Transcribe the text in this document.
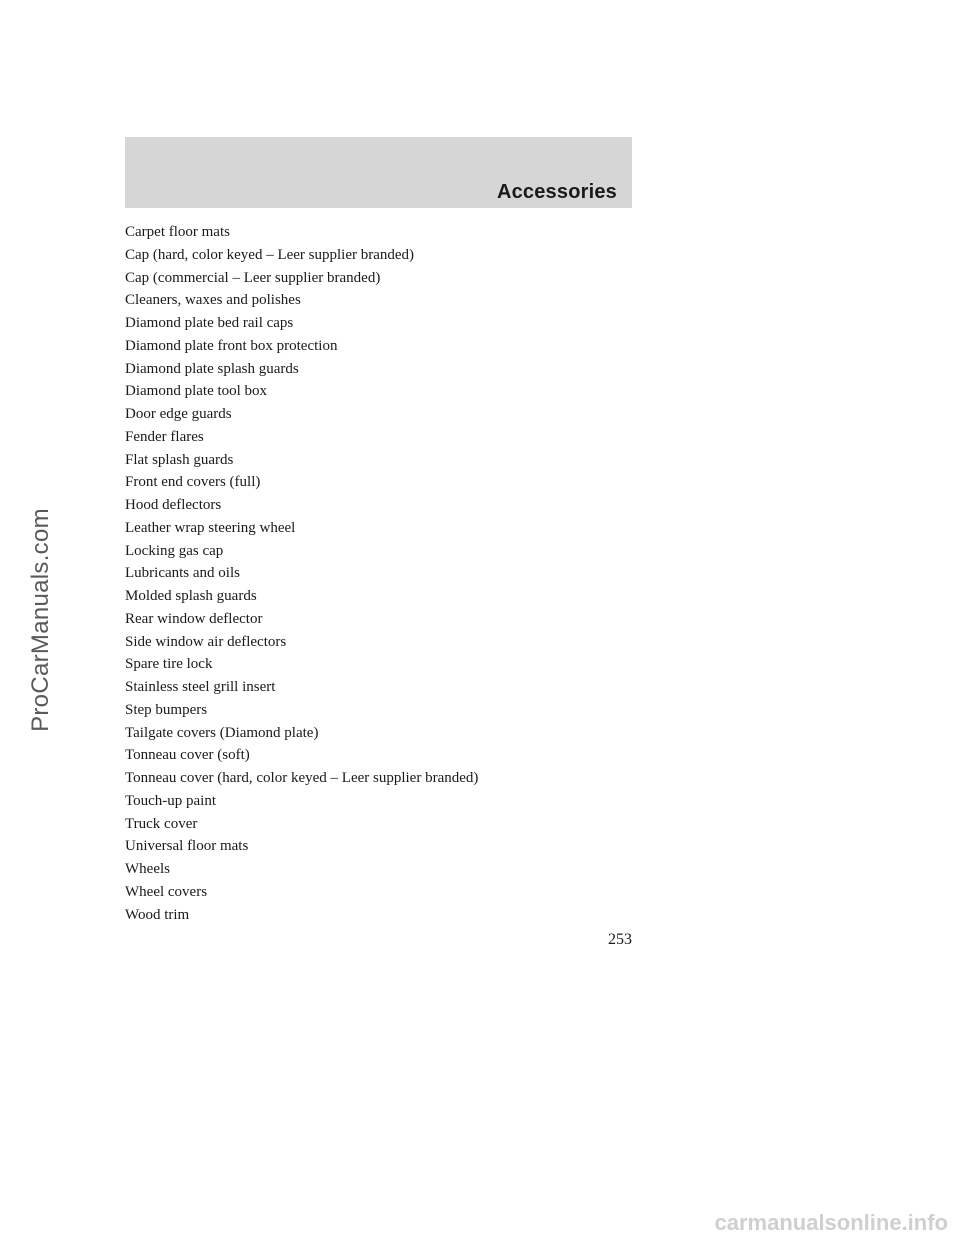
Accessories
Carpet floor mats
Cap (hard, color keyed – Leer supplier branded)
Cap (commercial – Leer supplier branded)
Cleaners, waxes and polishes
Diamond plate bed rail caps
Diamond plate front box protection
Diamond plate splash guards
Diamond plate tool box
Door edge guards
Fender flares
Flat splash guards
Front end covers (full)
Hood deflectors
Leather wrap steering wheel
Locking gas cap
Lubricants and oils
Molded splash guards
Rear window deflector
Side window air deflectors
Spare tire lock
Stainless steel grill insert
Step bumpers
Tailgate covers (Diamond plate)
Tonneau cover (soft)
Tonneau cover (hard, color keyed – Leer supplier branded)
Touch-up paint
Truck cover
Universal floor mats
Wheels
Wheel covers
Wood trim
253
ProCarManuals.com
carmanualsonline.info
